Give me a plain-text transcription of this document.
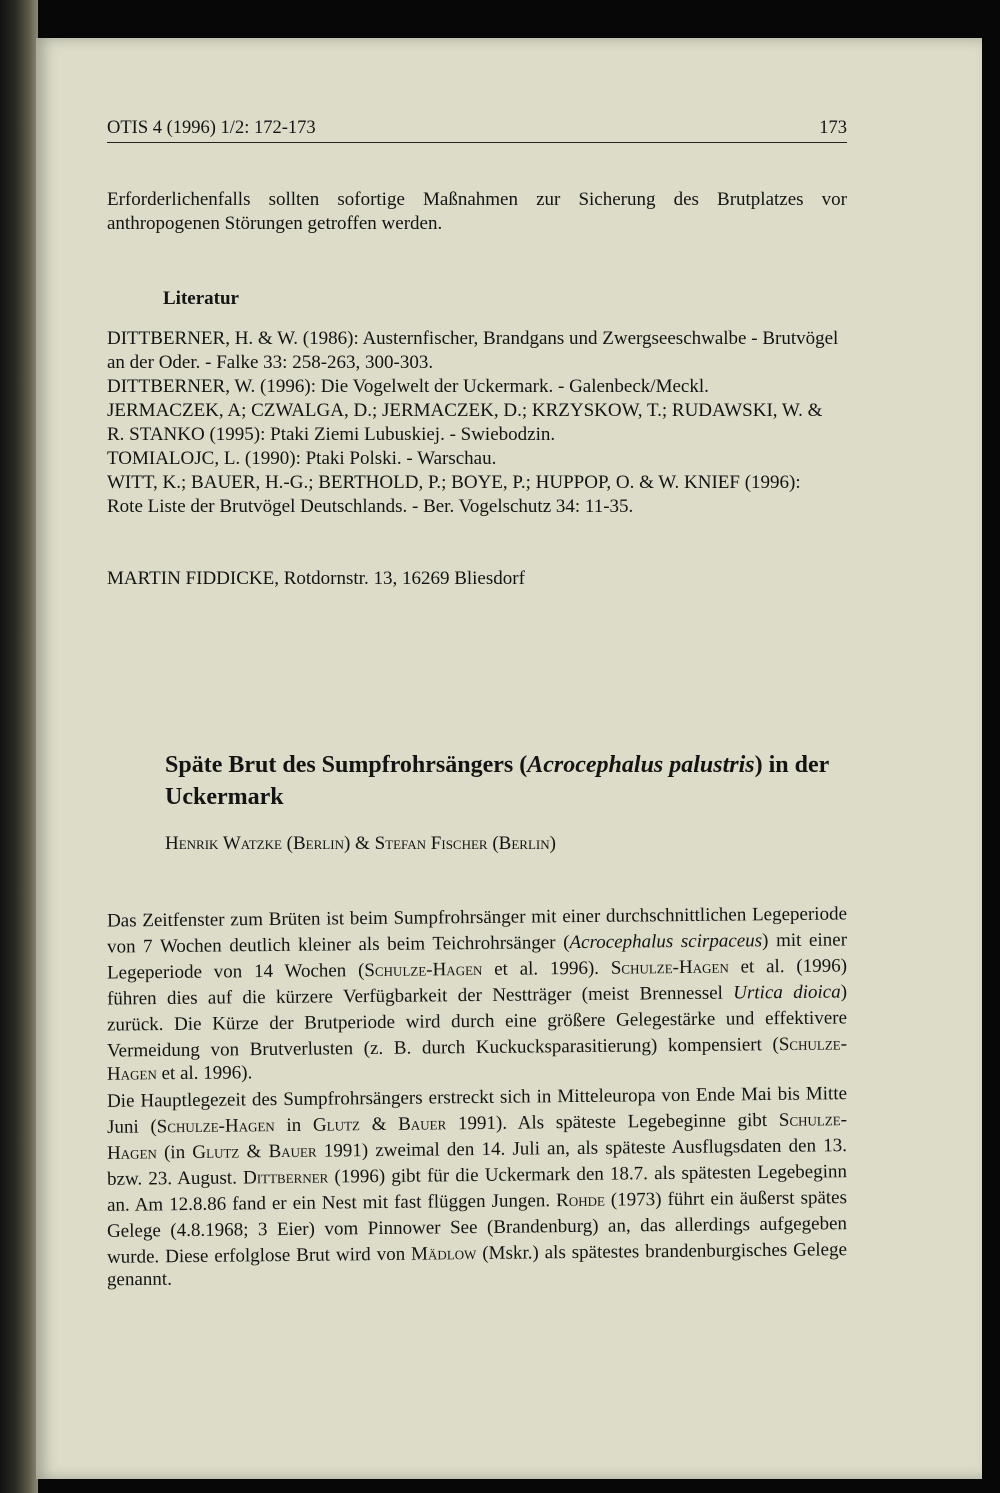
OTIS 4 (1996) 1/2: 172-173	173
Erforderlichenfalls sollten sofortige Maßnahmen zur Sicherung des Brutplatzes vor
anthropogenen Störungen getroffen werden.
Literatur
DITTBERNER, H. & W. (1986): Austernfischer, Brandgans und Zwergseeschwalbe - Brutvögel
an der Oder. - Falke 33: 258-263, 300-303.
DITTBERNER, W. (1996): Die Vogelwelt der Uckermark. - Galenbeck/Meckl.
JERMACZEK, A; CZWALGA, D.; JERMACZEK, D.; KRZYSKOW, T.; RUDAWSKI, W. &
R. STANKO (1995): Ptaki Ziemi Lubuskiej. - Swiebodzin.
TOMIALOJC, L. (1990): Ptaki Polski. - Warschau.
WITT, K.; BAUER, H.-G.; BERTHOLD, P.; BOYE, P.; HUPPOP, O. & W. KNIEF (1996):
Rote Liste der Brutvögel Deutschlands. - Ber. Vogelschutz 34: 11-35.
MARTIN FIDDICKE, Rotdornstr. 13, 16269 Bliesdorf
Späte Brut des Sumpfrohrsängers (Acrocephalus palustris) in der
Uckermark
Henrik Watzke (Berlin) & Stefan Fischer (Berlin)
Das Zeitfenster zum Brüten ist beim Sumpfrohrsänger mit einer durchschnittlichen Legeperiode
von 7 Wochen deutlich kleiner als beim Teichrohrsänger (Acrocephalus scirpaceus) mit einer
Legeperiode von 14 Wochen (Schulze-Hagen et al. 1996). Schulze-Hagen et al. (1996)
führen dies auf die kürzere Verfügbarkeit der Nestträger (meist Brennessel Urtica dioica)
zurück. Die Kürze der Brutperiode wird durch eine größere Gelegestärke und effektivere
Vermeidung von Brutverlusten (z. B. durch Kuckucksparasitierung) kompensiert (Schulze-
Hagen et al. 1996).
Die Hauptlegezeit des Sumpfrohrsängers erstreckt sich in Mitteleuropa von Ende Mai bis Mitte
Juni (Schulze-Hagen in Glutz & Bauer 1991). Als späteste Legebeginne gibt Schulze-
Hagen (in Glutz & Bauer 1991) zweimal den 14. Juli an, als späteste Ausflugsdaten den 13.
bzw. 23. August. Dittberner (1996) gibt für die Uckermark den 18.7. als spätesten Legebeginn
an. Am 12.8.86 fand er ein Nest mit fast flüggen Jungen. Rohde (1973) führt ein äußerst spätes
Gelege (4.8.1968; 3 Eier) vom Pinnower See (Brandenburg) an, das allerdings aufgegeben
wurde. Diese erfolglose Brut wird von Mädlow (Mskr.) als spätestes brandenburgisches Gelege
genannt.
